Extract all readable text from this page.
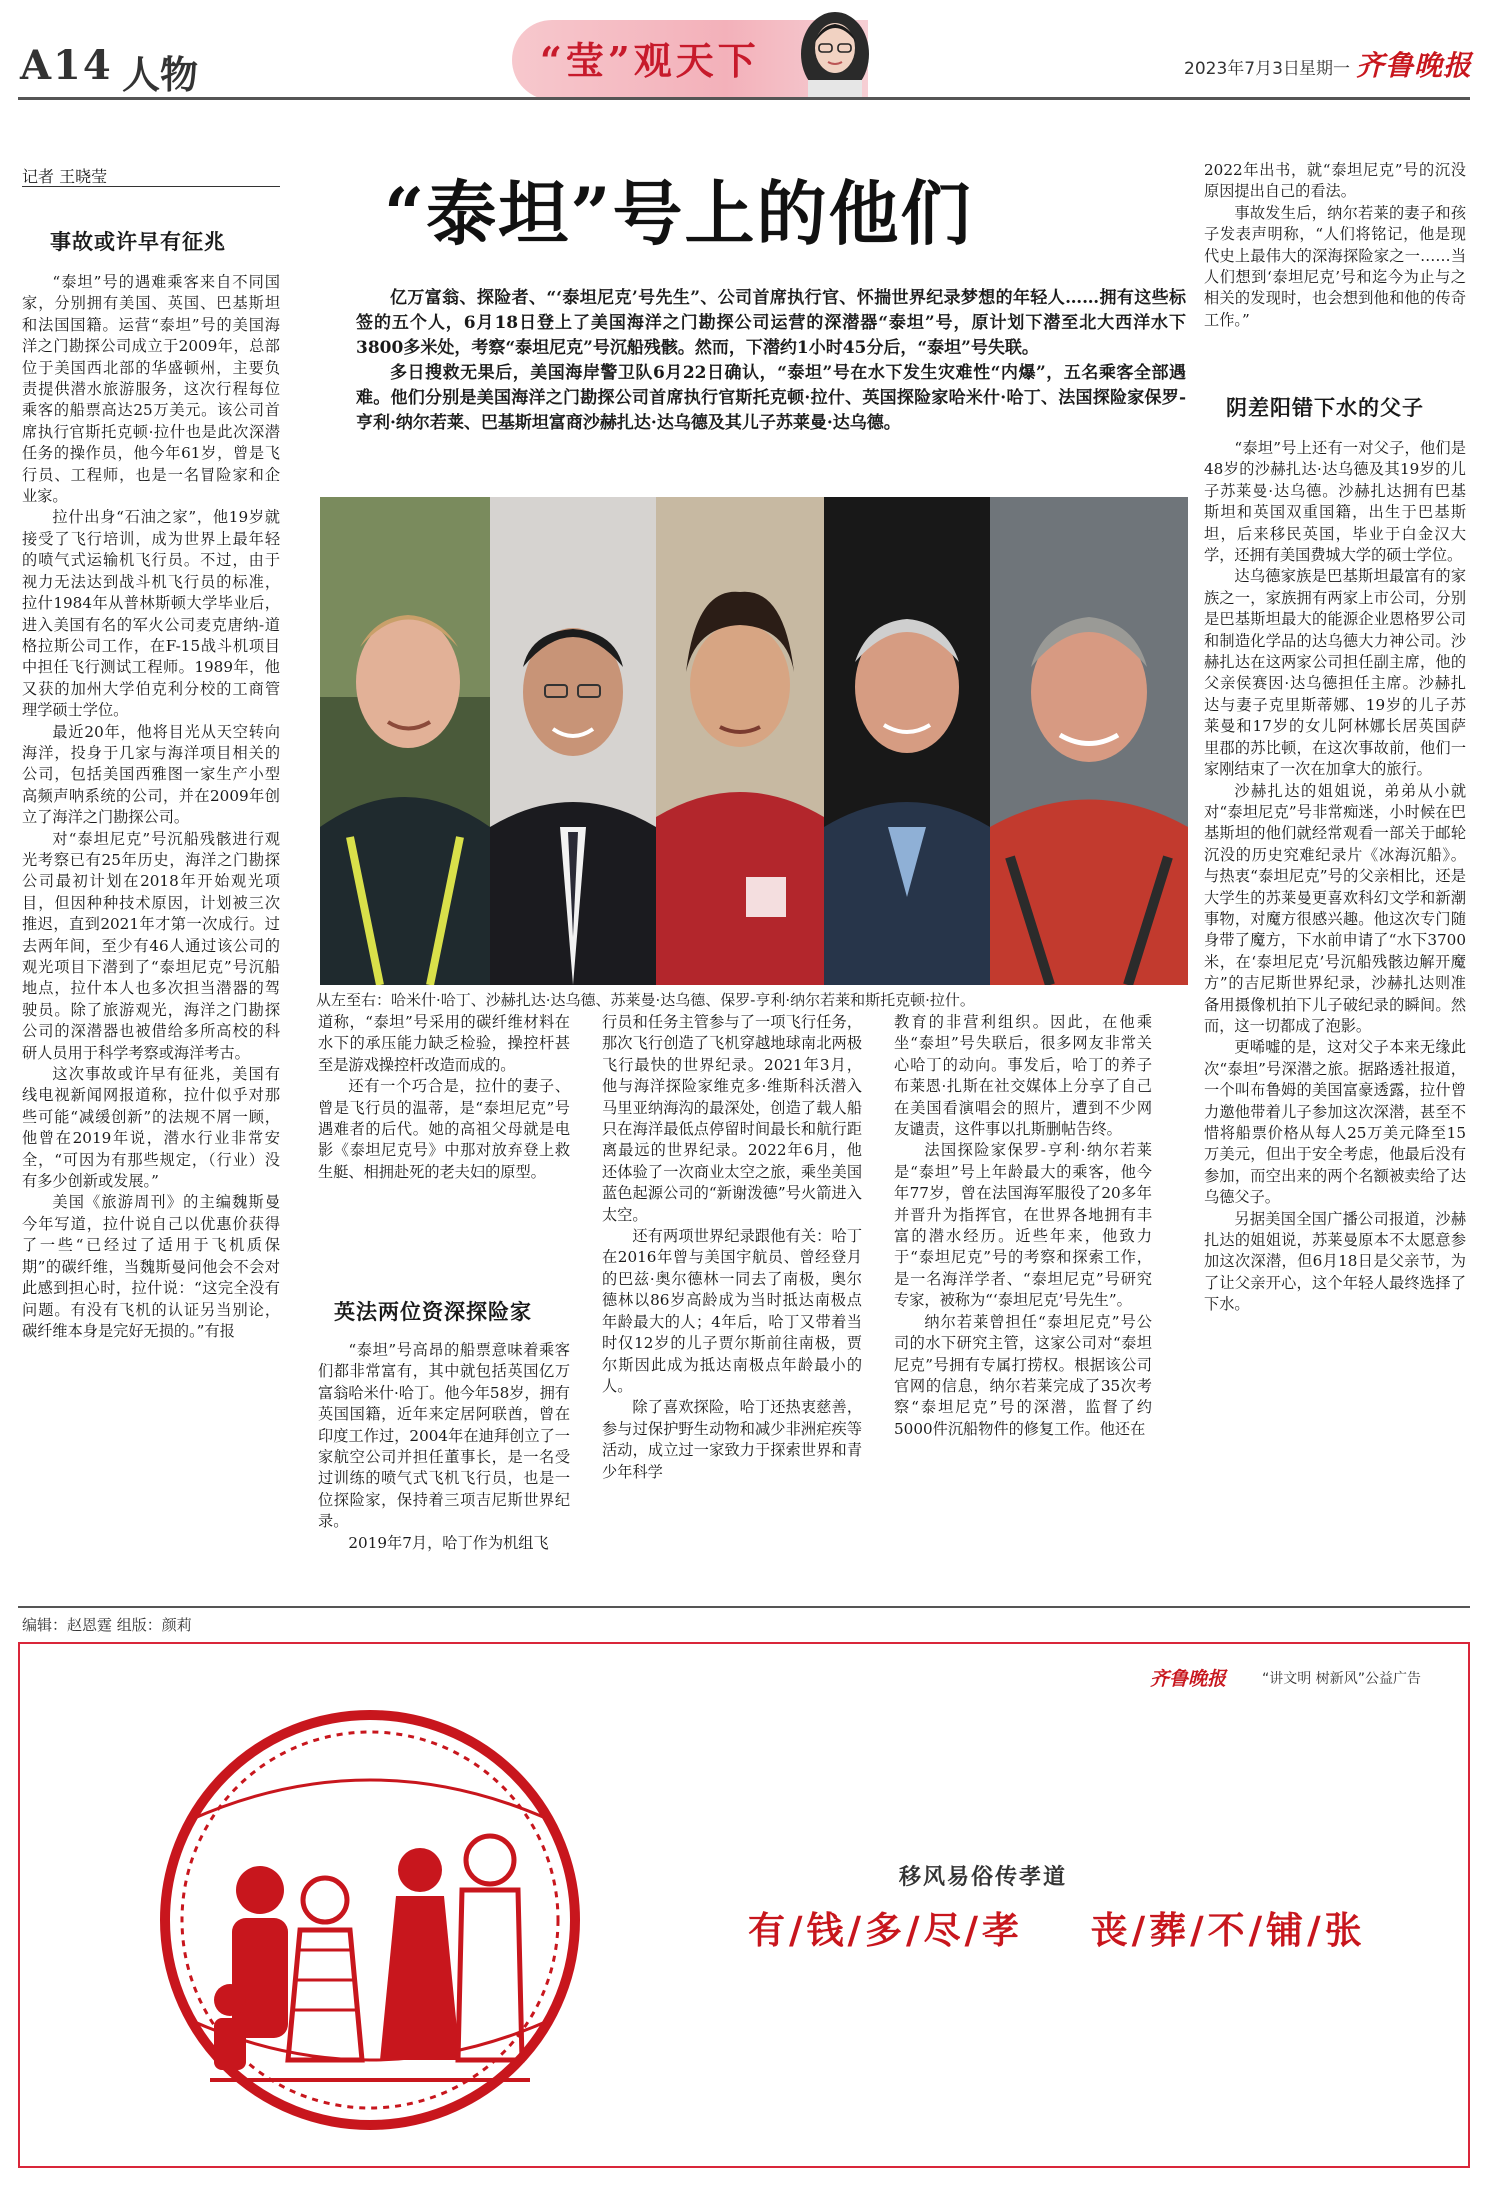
A14 人物	“莹”观天下	2023年7月3日 星期一 齐鲁晚报
记者 王晓莹
事故或许早有征兆

“泰坦”号的遇难乘客来自不同国家，分别拥有美国、英国、巴基斯坦和法国国籍。运营“泰坦”号的美国海洋之门勘探公司成立于2009年，总部位于美国西北部的华盛顿州，主要负责提供潜水旅游服务，这次行程每位乘客的船票高达25万美元。该公司首席执行官斯托克顿·拉什也是此次深潜任务的操作员，他今年61岁，曾是飞行员、工程师，也是一名冒险家和企业家。

拉什出身“石油之家”，他19岁就接受了飞行培训，成为世界上最年轻的喷气式运输机飞行员。不过，由于视力无法达到战斗机飞行员的标准，拉什1984年从普林斯顿大学毕业后，进入美国有名的军火公司麦克唐纳-道格拉斯公司工作，在F-15战斗机项目中担任飞行测试工程师。1989年，他又获的加州大学伯克利分校的工商管理学硕士学位。

最近20年，他将目光从天空转向海洋，投身于几家与海洋项目相关的公司，包括美国西雅图一家生产小型高频声呐系统的公司，并在2009年创立了海洋之门勘探公司。

对“泰坦尼克”号沉船残骸进行观光考察已有25年历史，海洋之门勘探公司最初计划在2018年开始观光项目，但因种种技术原因，计划被三次推迟，直到2021年才第一次成行。过去两年间，至少有46人通过该公司的观光项目下潜到了“泰坦尼克”号沉船地点，拉什本人也多次担当潜器的驾驶员。除了旅游观光，海洋之门勘探公司的深潜器也被借给多所高校的科研人员用于科学考察或海洋考古。

这次事故或许早有征兆，美国有线电视新闻网报道称，拉什似乎对那些可能“减缓创新”的法规不屑一顾，他曾在2019年说，潜水行业非常安全，“可因为有那些规定，（行业）没有多少创新或发展。”

美国《旅游周刊》的主编魏斯曼今年写道，拉什说自己以优惠价获得了一些“已经过了适用于飞机质保期”的碳纤维，当魏斯曼问他会不会对此感到担心时，拉什说：“这完全没有问题。有没有飞机的认证另当别论，碳纤维本身是完好无损的。”有报

“泰坦”号上的他们

亿万富翁、探险者、“‘泰坦尼克’号先生”、公司首席执行官、怀揣世界纪录梦想的年轻人……拥有这些标签的五个人，6月18日登上了美国海洋之门勘探公司运营的深潜器“泰坦”号，原计划下潜至北大西洋水下3800多米处，考察“泰坦尼克”号沉船残骸。然而，下潜约1小时45分后，“泰坦”号失联。

多日搜救无果后，美国海岸警卫队6月22日确认，“泰坦”号在水下发生灾难性“内爆”，五名乘客全部遇难。他们分别是美国海洋之门勘探公司首席执行官斯托克顿·拉什、英国探险家哈米什·哈丁、法国探险家保罗-亨利·纳尔若莱、巴基斯坦富商沙赫扎达·达乌德及其儿子苏莱曼·达乌德。

从左至右：哈米什·哈丁、沙赫扎达·达乌德、苏莱曼·达乌德、保罗-亨利·纳尔若莱和斯托克顿·拉什。

道称，“泰坦”号采用的碳纤维材料在水下的承压能力缺乏检验，操控杆甚至是游戏操控杆改造而成的。

还有一个巧合是，拉什的妻子、曾是飞行员的温蒂，是“泰坦尼克”号遇难者的后代。她的高祖父母就是电影《泰坦尼克号》中那对放弃登上救生艇、相拥赴死的老夫妇的原型。

英法两位资深探险家

“泰坦”号高昂的船票意味着乘客们都非常富有，其中就包括英国亿万富翁哈米什·哈丁。他今年58岁，拥有英国国籍，近年来定居阿联酋，曾在印度工作过，2004年在迪拜创立了一家航空公司并担任董事长，是一名受过训练的喷气式飞机飞行员，也是一位探险家，保持着三项吉尼斯世界纪录。

2019年7月，哈丁作为机组飞

行员和任务主管参与了一项飞行任务，那次飞行创造了飞机穿越地球南北两极飞行最快的世界纪录。2021年3月，他与海洋探险家维克多·维斯科沃潜入马里亚纳海沟的最深处，创造了载人船只在海洋最低点停留时间最长和航行距离最远的世界纪录。2022年6月，他还体验了一次商业太空之旅，乘坐美国蓝色起源公司的“新谢泼德”号火箭进入太空。

还有两项世界纪录跟他有关：哈丁在2016年曾与美国宇航员、曾经登月的巴兹·奥尔德林一同去了南极，奥尔德林以86岁高龄成为当时抵达南极点年龄最大的人；4年后，哈丁又带着当时仅12岁的儿子贾尔斯前往南极，贾尔斯因此成为抵达南极点年龄最小的人。

除了喜欢探险，哈丁还热衷慈善，参与过保护野生动物和减少非洲疟疾等活动，成立过一家致力于探索世界和青少年科学

教育的非营利组织。因此，在他乘坐“泰坦”号失联后，很多网友非常关心哈丁的动向。事发后，哈丁的养子布莱恩·扎斯在社交媒体上分享了自己在美国看演唱会的照片，遭到不少网友谴责，这件事以扎斯删帖告终。

法国探险家保罗-亨利·纳尔若莱是“泰坦”号上年龄最大的乘客，他今年77岁，曾在法国海军服役了20多年并晋升为指挥官，在世界各地拥有丰富的潜水经历。近些年来，他致力于“泰坦尼克”号的考察和探索工作，是一名海洋学者、“泰坦尼克”号研究专家，被称为“‘泰坦尼克’号先生”。

纳尔若莱曾担任“泰坦尼克”号公司的水下研究主管，这家公司对“泰坦尼克”号拥有专属打捞权。根据该公司官网的信息，纳尔若莱完成了35次考察“泰坦尼克”号的深潜，监督了约5000件沉船物件的修复工作。他还在

2022年出书，就“泰坦尼克”号的沉没原因提出自己的看法。

事故发生后，纳尔若莱的妻子和孩子发表声明称，“人们将铭记，他是现代史上最伟大的深海探险家之一……当人们想到‘泰坦尼克’号和迄今为止与之相关的发现时，也会想到他和他的传奇工作。”

阴差阳错下水的父子

“泰坦”号上还有一对父子，他们是48岁的沙赫扎达·达乌德及其19岁的儿子苏莱曼·达乌德。沙赫扎达拥有巴基斯坦和英国双重国籍，出生于巴基斯坦，后来移民英国，毕业于白金汉大学，还拥有美国费城大学的硕士学位。

达乌德家族是巴基斯坦最富有的家族之一，家族拥有两家上市公司，分别是巴基斯坦最大的能源企业恩格罗公司和制造化学品的达乌德大力神公司。沙赫扎达在这两家公司担任副主席，他的父亲侯赛因·达乌德担任主席。沙赫扎达与妻子克里斯蒂娜、19岁的儿子苏莱曼和17岁的女儿阿林娜长居英国萨里郡的苏比顿，在这次事故前，他们一家刚结束了一次在加拿大的旅行。

沙赫扎达的姐姐说，弟弟从小就对“泰坦尼克”号非常痴迷，小时候在巴基斯坦的他们就经常观看一部关于邮轮沉没的历史究难纪录片《冰海沉船》。与热衷“泰坦尼克”号的父亲相比，还是大学生的苏莱曼更喜欢科幻文学和新潮事物，对魔方很感兴趣。他这次专门随身带了魔方，下水前申请了“水下3700米，在‘泰坦尼克’号沉船残骸边解开魔方”的吉尼斯世界纪录，沙赫扎达则准备用摄像机拍下儿子破纪录的瞬间。然而，这一切都成了泡影。

更唏嘘的是，这对父子本来无缘此次“泰坦”号深潜之旅。据路透社报道，一个叫布鲁姆的美国富豪透露，拉什曾力邀他带着儿子参加这次深潜，甚至不惜将船票价格从每人25万美元降至15万美元，但出于安全考虑，他最后没有参加，而空出来的两个名额被卖给了达乌德父子。

另据美国全国广播公司报道，沙赫扎达的姐姐说，苏莱曼原本不太愿意参加这次深潜，但6月18日是父亲节，为了让父亲开心，这个年轻人最终选择了下水。

编辑：赵恩霆 组版：颜莉
齐鲁晚报	“讲文明 树新风”公益广告
移风易俗传孝道
有/钱/多/尽/孝    丧/葬/不/铺/张
